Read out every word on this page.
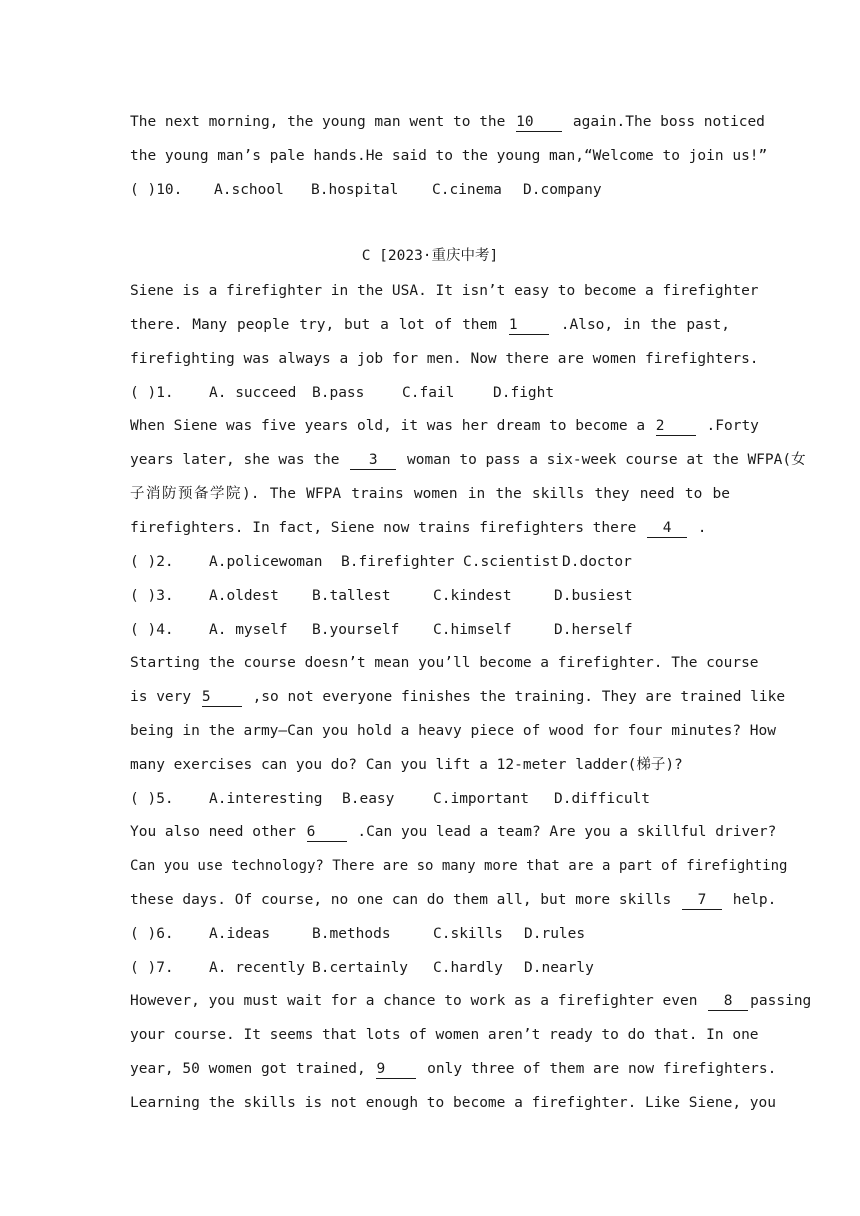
The next morning, the young man went to the 10	again.The boss noticed
the young man’s pale hands.He said to the young man,“Welcome to join us!”
( )10. A.school B.hospital C.cinema D.company
C [2023·重庆中考]
Siene is a firefighter in the USA. It isn’t easy to become a firefighter
there. Many people try, but a lot of them 1	.Also, in the past,
firefighting was always a job for men. Now there are women firefighters.
( )1. A. succeed B.pass	C.fail	D.fight
When Siene was five years old, it was her dream to become a 2	.Forty
years later, she was the 3 woman to pass a six-week course at the WFPA(女
子消防预备学院). The WFPA trains women in the skills they need to be
firefighters. In fact, Siene now trains firefighters there 4 .
( )2. A.policewoman B.firefighter C.scientist D.doctor
( )3. A.oldest B.tallest	C.kindest	D.busiest
( )4. A. myself B.yourself C.himself	D.herself
Starting the course doesn’t mean you’ll become a firefighter. The course
is very 5	,so not everyone finishes the training. They are trained like
being in the army—Can you hold a heavy piece of wood for four minutes? How
many exercises can you do? Can you lift a 12-meter ladder(梯子)?
( )5. A.interesting B.easy	C.important D.difficult
You also need other 6	.Can you lead a team? Are you a skillful driver?
Can you use technology? There are so many more that are a part of firefighting
these days. Of course, no one can do them all, but more skills 7 help.
( )6. A.ideas	B.methods	C.skills D.rules
( )7. A. recently B.certainly C.hardly D.nearly
However, you must wait for a chance to work as a firefighter even 8 passing
your course. It seems that lots of women aren’t ready to do that. In one
year, 50 women got trained, 9	only three of them are now firefighters.
Learning the skills is not enough to become a firefighter. Like Siene, you
